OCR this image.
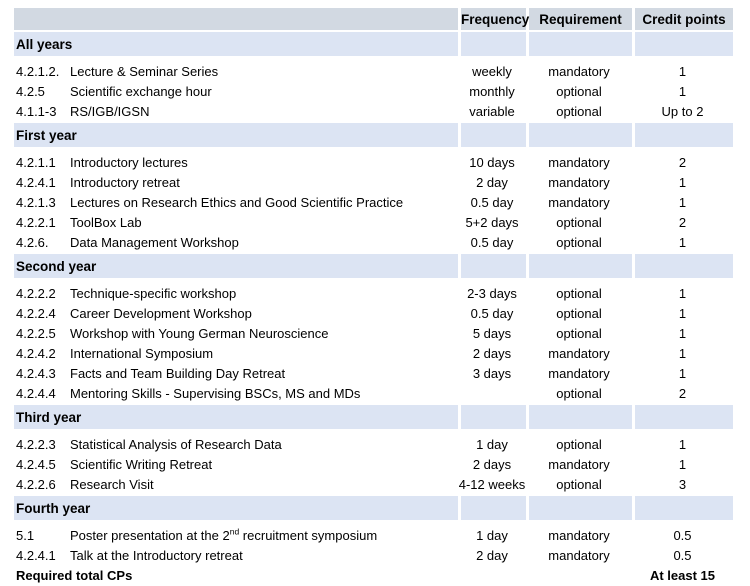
		Frequency	Requirement	Credit points

All years				

4.2.1.2.	Lecture & Seminar Series	weekly	mandatory	1
4.2.5	Scientific exchange hour	monthly	optional	1
4.1.1-3	RS/IGB/IGSN	variable	optional	Up to 2

First year				

4.2.1.1	Introductory lectures	10 days	mandatory	2
4.2.4.1	Introductory retreat	2 day	mandatory	1
4.2.1.3	Lectures on Research Ethics and Good Scientific Practice	0.5 day	mandatory	1
4.2.2.1	ToolBox Lab	5+2 days	optional	2
4.2.6.	Data Management Workshop	0.5 day	optional	1

Second year				

4.2.2.2	Technique-specific workshop	2-3 days	optional	1
4.2.2.4	Career Development Workshop	0.5 day	optional	1
4.2.2.5	Workshop with Young German Neuroscience	5 days	optional	1
4.2.4.2	International Symposium	2 days	mandatory	1
4.2.4.3	Facts and Team Building Day Retreat	3 days	mandatory	1
4.2.4.4	Mentoring Skills - Supervising BSCs, MS and MDs		optional	2

Third year				

4.2.2.3	Statistical Analysis of Research Data	1 day	optional	1
4.2.4.5	Scientific Writing Retreat	2 days	mandatory	1
4.2.2.6	Research Visit	4-12 weeks	optional	3

Fourth year				

5.1	Poster presentation at the 2nd recruitment symposium	1 day	mandatory	0.5
4.2.4.1	Talk at the Introductory retreat	2 day	mandatory	0.5
Required total CPs				At least 15
